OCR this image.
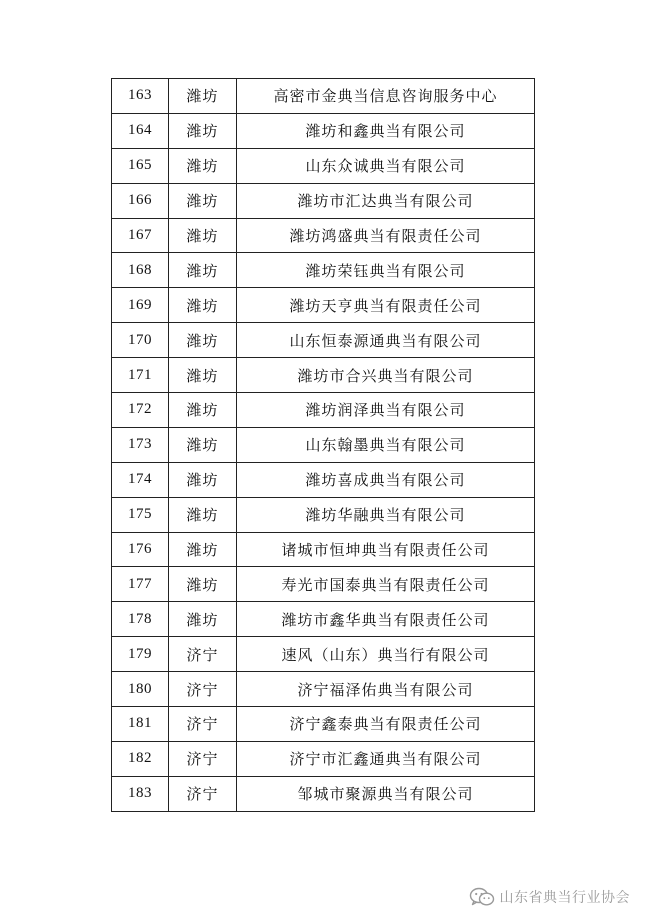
163	潍坊	高密市金典当信息咨询服务中心
164	潍坊	潍坊和鑫典当有限公司
165	潍坊	山东众诚典当有限公司
166	潍坊	潍坊市汇达典当有限公司
167	潍坊	潍坊鸿盛典当有限责任公司
168	潍坊	潍坊荣钰典当有限公司
169	潍坊	潍坊天亨典当有限责任公司
170	潍坊	山东恒泰源通典当有限公司
171	潍坊	潍坊市合兴典当有限公司
172	潍坊	潍坊润泽典当有限公司
173	潍坊	山东翰墨典当有限公司
174	潍坊	潍坊喜成典当有限公司
175	潍坊	潍坊华融典当有限公司
176	潍坊	诸城市恒坤典当有限责任公司
177	潍坊	寿光市国泰典当有限责任公司
178	潍坊	潍坊市鑫华典当有限责任公司
179	济宁	速风（山东）典当行有限公司
180	济宁	济宁福泽佑典当有限公司
181	济宁	济宁鑫泰典当有限责任公司
182	济宁	济宁市汇鑫通典当有限公司
183	济宁	邹城市聚源典当有限公司
山东省典当行业协会
